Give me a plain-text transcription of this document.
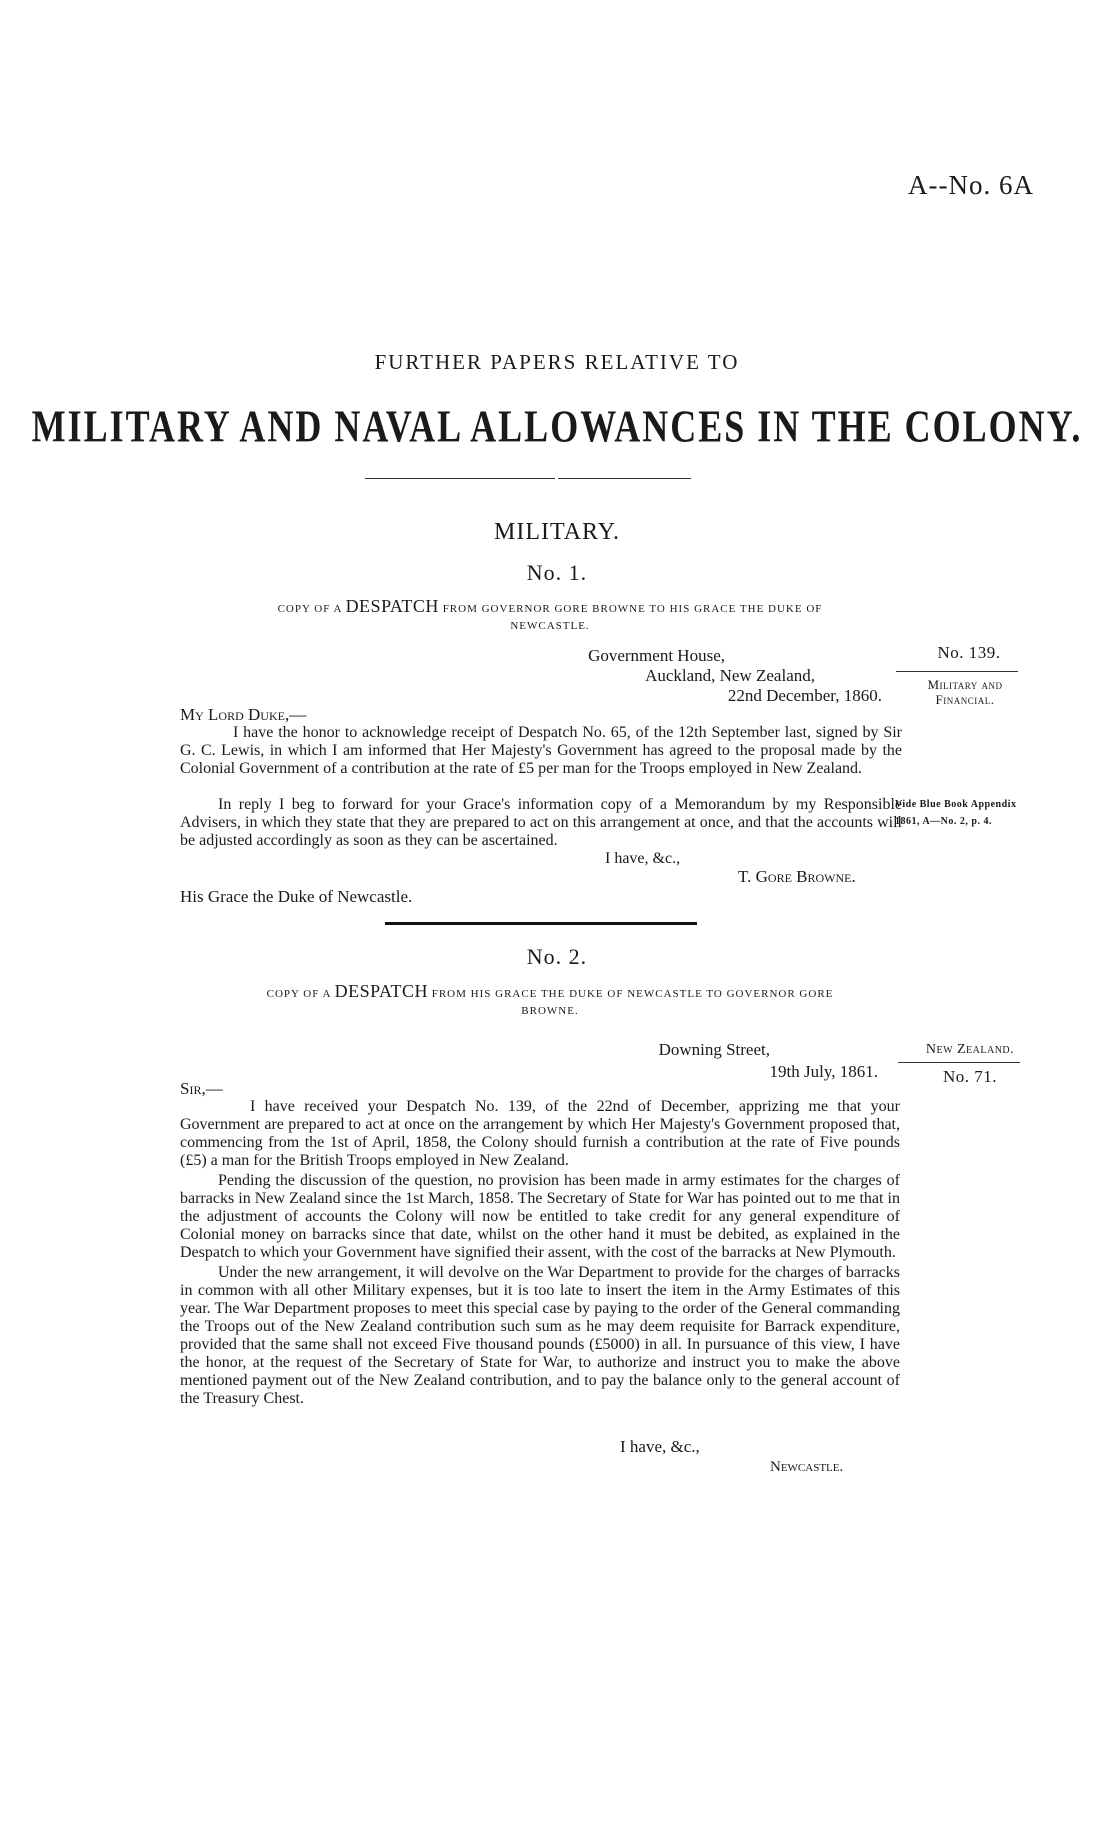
A--No. 6A
FURTHER PAPERS RELATIVE TO
MILITARY AND NAVAL ALLOWANCES IN THE COLONY.
MILITARY.
No. 1.
COPY OF A DESPATCH FROM GOVERNOR GORE BROWNE TO HIS GRACE THE DUKE OF
NEWCASTLE.
Government House,
Auckland, New Zealand,
22nd December, 1860.
No. 139.
Military and
Financial.
My Lord Duke,—
I have the honor to acknowledge receipt of Despatch No. 65, of the 12th September last, signed by Sir G. C. Lewis, in which I am informed that Her Majesty's Government has agreed to the proposal made by the Colonial Government of a contribution at the rate of £5 per man for the Troops employed in New Zealand.
In reply I beg to forward for your Grace's information copy of a Memorandum by my Responsible Advisers, in which they state that they are prepared to act on this arrangement at once, and that the accounts will be adjusted accordingly as soon as they can be ascertained.
Vide Blue Book Appendix
1861, A—No. 2, p. 4.
I have, &c.,
T. Gore Browne.
His Grace the Duke of Newcastle.
No. 2.
COPY OF A DESPATCH FROM HIS GRACE THE DUKE OF NEWCASTLE TO GOVERNOR GORE
BROWNE.
Downing Street,
19th July, 1861.
New Zealand.
No. 71.
Sir,—
I have received your Despatch No. 139, of the 22nd of December, apprizing me that your Government are prepared to act at once on the arrangement by which Her Majesty's Government proposed that, commencing from the 1st of April, 1858, the Colony should furnish a contribution at the rate of Five pounds (£5) a man for the British Troops employed in New Zealand.
Pending the discussion of the question, no provision has been made in army estimates for the charges of barracks in New Zealand since the 1st March, 1858. The Secretary of State for War has pointed out to me that in the adjustment of accounts the Colony will now be entitled to take credit for any general expenditure of Colonial money on barracks since that date, whilst on the other hand it must be debited, as explained in the Despatch to which your Government have signified their assent, with the cost of the barracks at New Plymouth.
Under the new arrangement, it will devolve on the War Department to provide for the charges of barracks in common with all other Military expenses, but it is too late to insert the item in the Army Estimates of this year. The War Department proposes to meet this special case by paying to the order of the General commanding the Troops out of the New Zealand contribution such sum as he may deem requisite for Barrack expenditure, provided that the same shall not exceed Five thousand pounds (£5000) in all. In pursuance of this view, I have the honor, at the request of the Secretary of State for War, to authorize and instruct you to make the above mentioned payment out of the New Zealand contribution, and to pay the balance only to the general account of the Treasury Chest.
I have, &c.,
Newcastle.
